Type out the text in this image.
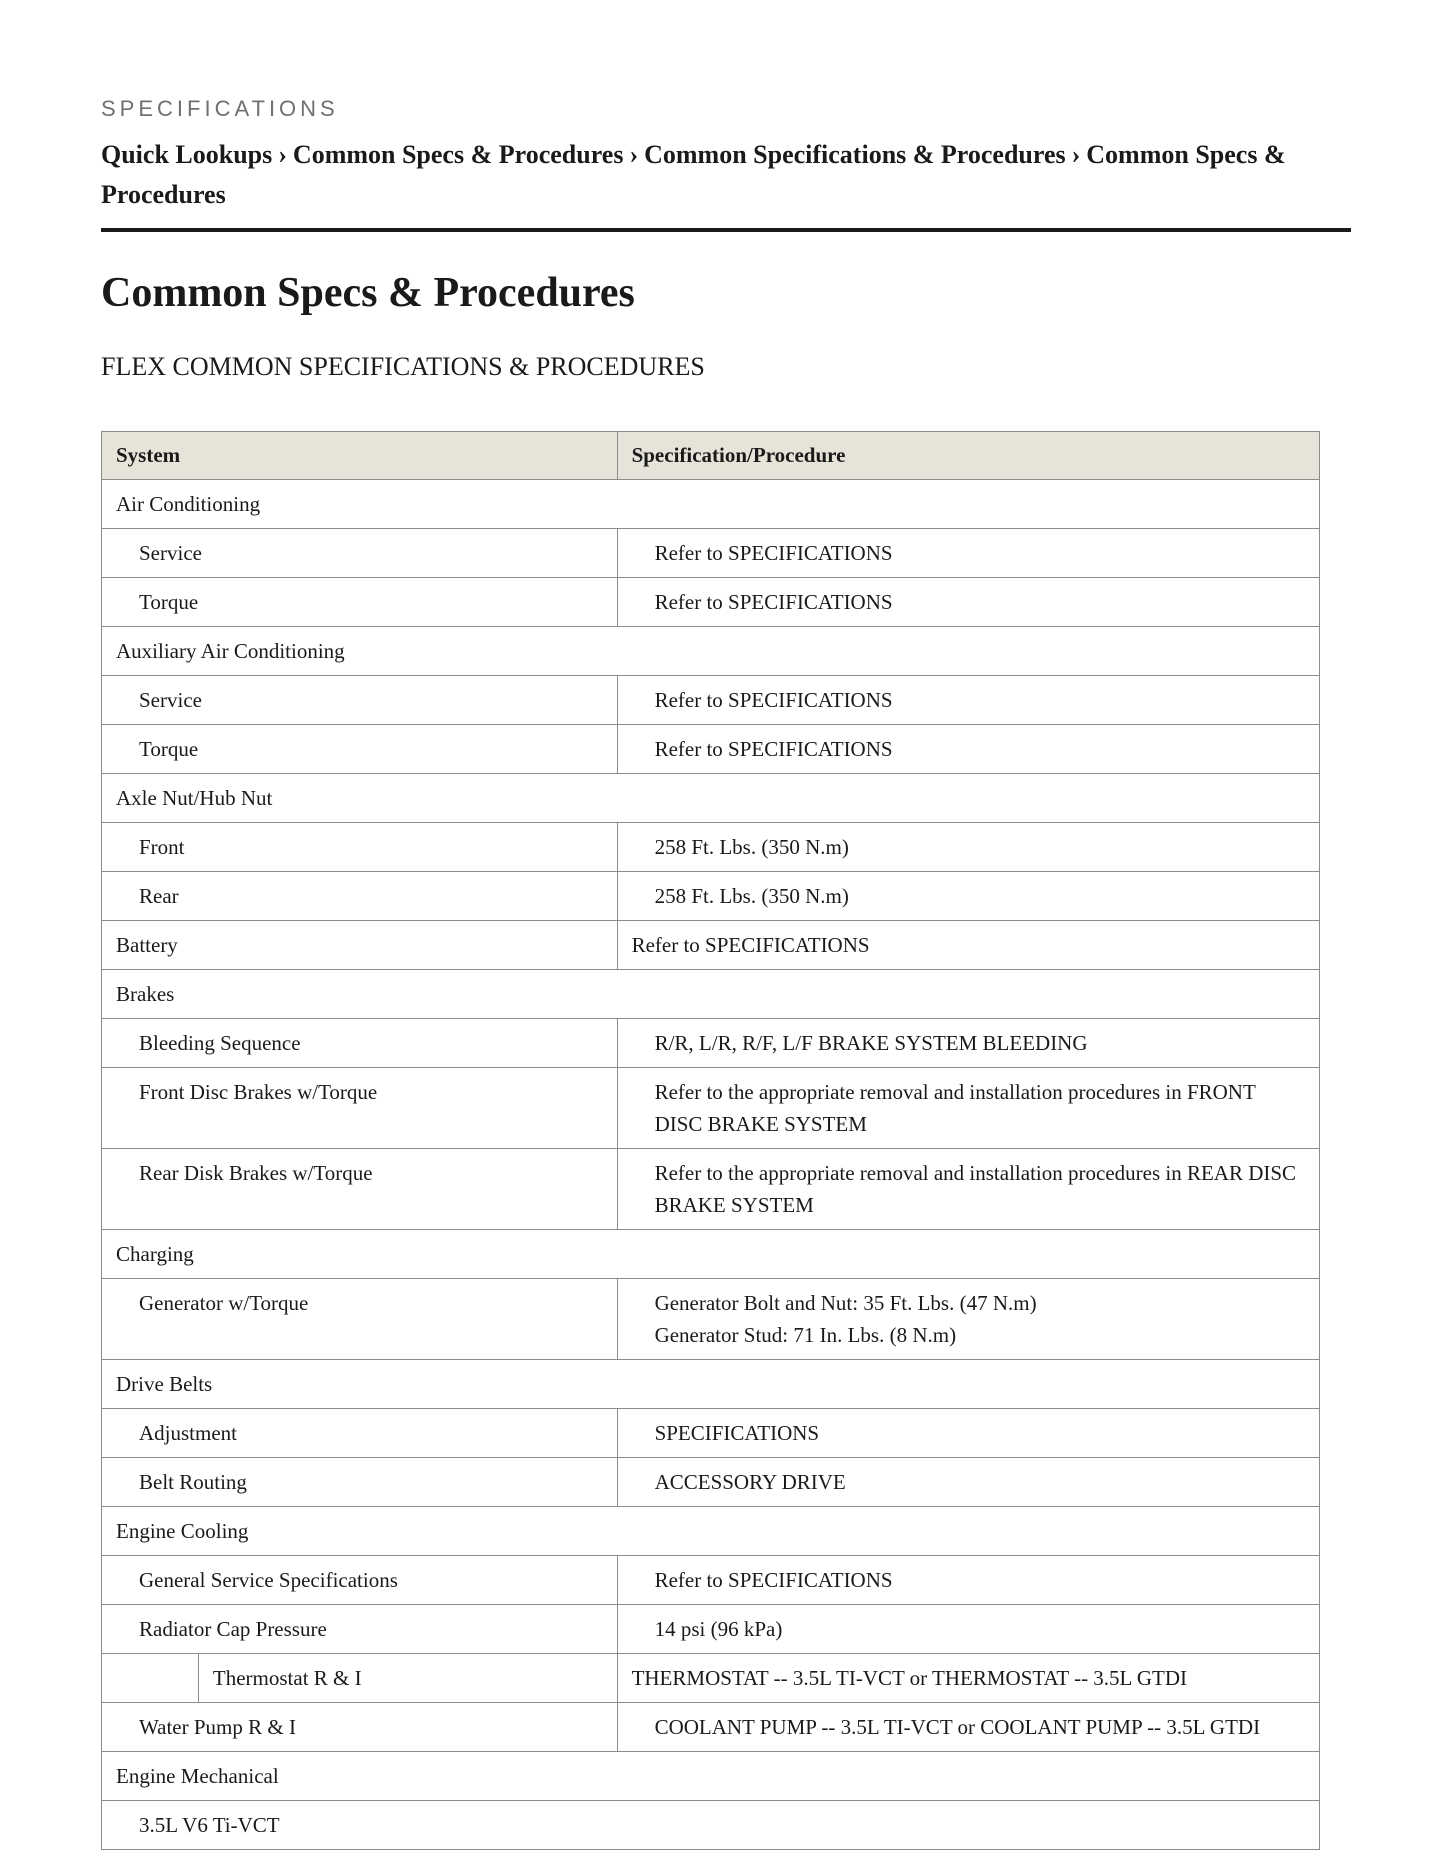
SPECIFICATIONS
Quick Lookups › Common Specs & Procedures › Common Specifications & Procedures › Common Specs & Procedures
Common Specs & Procedures
FLEX COMMON SPECIFICATIONS & PROCEDURES
System		Specification/Procedure
Air Conditioning		
Service		Refer to SPECIFICATIONS

Torque		Refer to SPECIFICATIONS

Auxiliary Air Conditioning		
Service		Refer to SPECIFICATIONS

Torque		Refer to SPECIFICATIONS

Axle Nut/Hub Nut		
Front		258 Ft. Lbs. (350 N.m)

Rear		258 Ft. Lbs. (350 N.m)

Battery		Refer to SPECIFICATIONS

Brakes		
Bleeding Sequence		R/R, L/R, R/F, L/F BRAKE SYSTEM BLEEDING

Front Disc Brakes w/Torque		Refer to the appropriate removal and installation procedures in FRONT DISC BRAKE SYSTEM

Rear Disk Brakes w/Torque		Refer to the appropriate removal and installation procedures in REAR DISC BRAKE SYSTEM

Charging		
Generator w/Torque		Generator Bolt and Nut: 35 Ft. Lbs. (47 N.m)
Generator Stud: 71 In. Lbs. (8 N.m)

Drive Belts		
Adjustment		SPECIFICATIONS

Belt Routing		ACCESSORY DRIVE

Engine Cooling		
General Service Specifications		Refer to SPECIFICATIONS

Radiator Cap Pressure		14 psi (96 kPa)

	Thermostat R & I	THERMOSTAT -- 3.5L TI-VCT or THERMOSTAT -- 3.5L GTDI

Water Pump R & I		COOLANT PUMP -- 3.5L TI-VCT or COOLANT PUMP -- 3.5L GTDI

Engine Mechanical		
3.5L V6 Ti-VCT		
